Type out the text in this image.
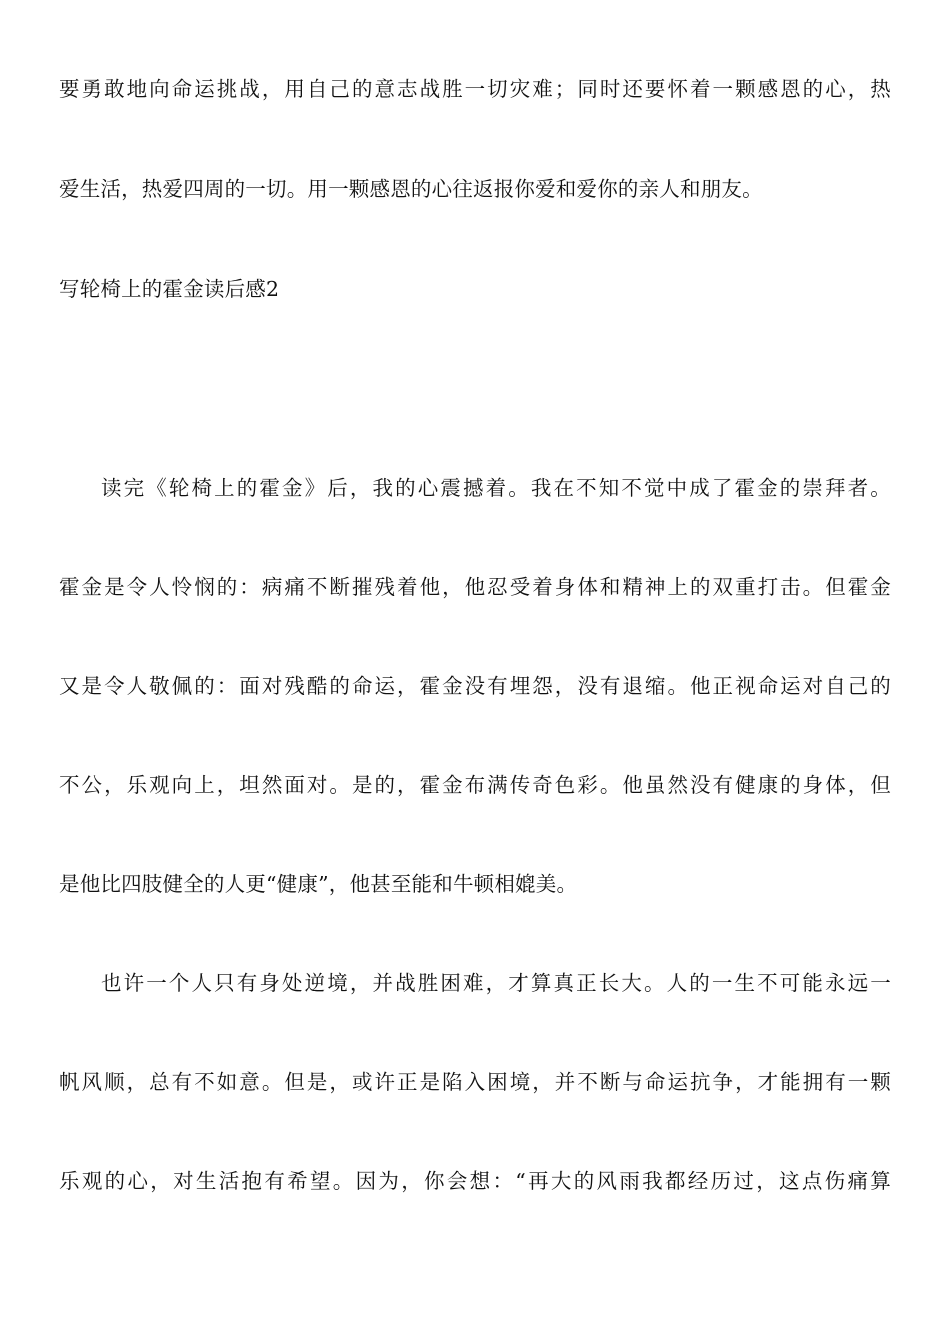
要勇敢地向命运挑战，用自己的意志战胜一切灾难；同时还要怀着一颗感恩的心，热
爱生活，热爱四周的一切。用一颗感恩的心往返报你爱和爱你的亲人和朋友。
写轮椅上的霍金读后感2
读完《轮椅上的霍金》后，我的心震撼着。我在不知不觉中成了霍金的崇拜者。
霍金是令人怜悯的：病痛不断摧残着他，他忍受着身体和精神上的双重打击。但霍金
又是令人敬佩的：面对残酷的命运，霍金没有埋怨，没有退缩。他正视命运对自己的
不公，乐观向上，坦然面对。是的，霍金布满传奇色彩。他虽然没有健康的身体，但
是他比四肢健全的人更“健康”，他甚至能和牛顿相媲美。
也许一个人只有身处逆境，并战胜困难，才算真正长大。人的一生不可能永远一
帆风顺，总有不如意。但是，或许正是陷入困境，并不断与命运抗争，才能拥有一颗
乐观的心，对生活抱有希望。因为，你会想：“再大的风雨我都经历过，这点伤痛算
